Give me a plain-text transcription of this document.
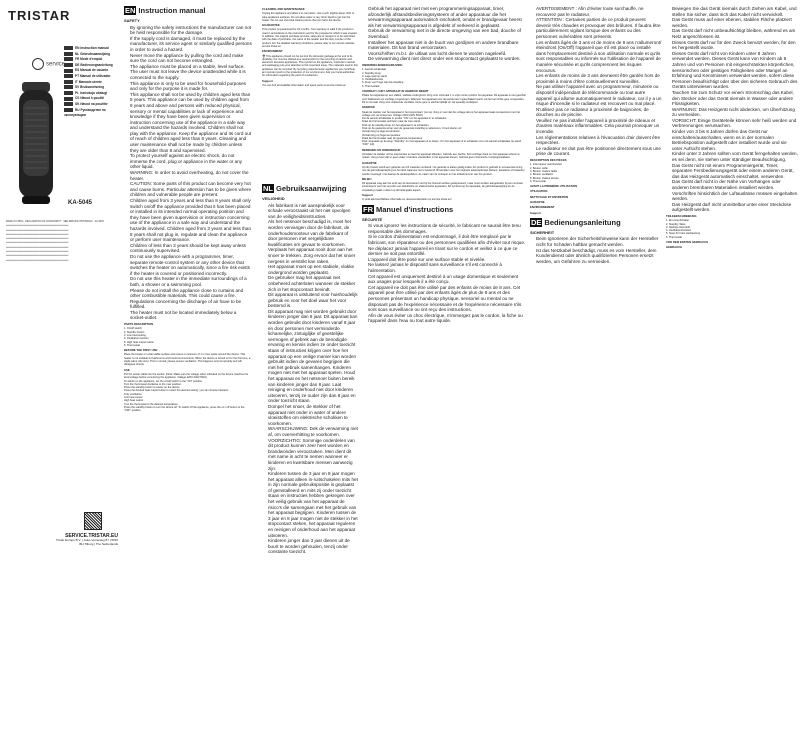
TRISTAR
EN Instruction manual
NL Gebruiksaanwijzing
FR Mode d'emploi
DE Bedienungsanleitung
ES Manual de usuario
PT Manual de utilizador
IT Manuale utente
SV Bruksanvisning
PL Instrukcja obsługi
CS Návod k použití
SK Návod na použitie
RU Руководство по эксплуатации
service
KA-5045

MADE IN CHINA · DECLARATION OF CONFORMITY · SEE SERVICE.TRISTAR.EU · KA-5045

━━━━━━━━━━━━━━━━━━━━━━━━━━━━━━━━━━━━━━━━━━━━━

━━━━━━━━━━━━━━━━━━━━━━━━━━━━━━━━━━━━━━━━━━━━━

━━━━━━━━━━━━━━━━━━━━━━━━━━━━━━━━━━━━━━━━━━━━━

━━━━━━━━━━━━━━━━━━━━━━━━━━━━━━━━━━━━━━━━━━━━━

━━━━━━━━━━━━━━━━━━━━━━━━━━━━━━━━━━━━━━━━━━━━━

━━━━━━━━━━━━━━━━━━━━━━━━━━━━━━━━━━━━━━━━━━━━━

━━━━━━━━━━━━━━━━━━━━━━━━━━━━━━━━━━━━━━━━━━━━━

━━━━━━━━━━━━━━━━━━━━━━━━━━━━━━━━━━━━━━━━━━━━━

━━━━━━━━━━━━━━━━━━━━━━━━━━━━━━━━━━━━━━━━━━━━━

SERVICE.TRISTAR.EU
Tristar Europe B.V. | Jules Verneweg 87 | 5015 BH Tilburg | The Netherlands
EN Instruction manual
SAFETY
• By ignoring the safety instructions the manufacturer can not be held responsible for the damage.
• If the supply cord is damaged, it must be replaced by the manufacturer, its service agent or similarly qualified persons in order to avoid a hazard.
• Never move the appliance by pulling the cord and make sure the cord can not become entangled.
• The appliance must be placed on a stable, level surface.
• The user must not leave the device unattended while it is connected to the supply.
• This appliance is only to be used for household purposes and only for the purpose it is made for.
• This appliance shall not be used by children aged less than 8 years. This appliance can be used by children aged from 8 years and above and persons with reduced physical, sensory or mental capabilities or lack of experience and knowledge if they have been given supervision or instruction concerning use of the appliance in a safe way and understand the hazards involved. Children shall not play with the appliance. Keep the appliance and its cord out of reach of children aged less than 8 years. Cleaning and user maintenance shall not be made by children unless they are older than 8 and supervised.
• To protect yourself against an electric shock, do not immerse the cord, plug or appliance in the water or any other liquid.
• WARNING: In order to avoid overheating, do not cover the heater.
• CAUTION: Some parts of this product can become very hot and cause burns. Particular attention has to be given where children and vulnerable people are present.
• Children aged from 3 years and less than 8 years shall only switch on/off the appliance provided that it has been placed or installed in its intended normal operating position and they have been given supervision or instruction concerning use of the appliance in a safe way and understand the hazards involved. Children aged from 3 years and less than 8 years shall not plug in, regulate and clean the appliance or perform user maintenance.
• Children of less than 3 years should be kept away unless continuously supervised.
• Do not use the appliance with a programmer, timer, separate remote-control system or any other device that switches the heater on automatically, since a fire risk exists if the heater is covered or positioned incorrectly.
• Do not use this heater in the immediate surroundings of a bath, a shower or a swimming pool.
• Please do not install the appliance close to curtains and other combustible materials. This could cause a fire.
• Regulations concerning the discharge of air have to be fulfilled.
• The heater must not be located immediately below a socket-outlet.
PARTS DESCRIPTION
1. On/off switch
2. Standby button
3. Low heat setting
4. Oscillation function
5. High heat output button
6. Thermostat
BEFORE THE FIRST USE

Place the heater on a flat stable surface and ensure a minimum of 1 m free space around the device. This heater is not suitable for bathrooms and humid environments. When the device is turned on for the first time, a slight odour will occur. This is normal; please ensure ventilation. This happens only temporarily and will disappear shortly.

USE
Put the power cable into the socket. (Note: Make sure the voltage when indicated on the device matches the local voltage before connecting the appliance. Voltage 220V-240V 50Hz)
To switch on the appliance, set the on/off switch to the "ON" position.
Turn the thermostat clockwise to the max position.
Press the standby button to power on the device.
Press the desired heat output button to select the desired setting: you can choose between:
Only ventilation
Low heat output
High heat output
Turn the thermostat to the desired temperature.
Press the standby button to turn the device off. To switch off the appliance, press the on / off button to the "OFF" position.
CLEANING AND MAINTENANCE

Unplug the appliance and allow it to cool down. Use a soft, slightly damp cloth to wipe appliance surfaces. Do not allow water or any other liquid to get into the heater. Do not use chemical cleaning items that can harm the device.

GUARANTEE

This product is guaranteed for 24 months. Your warranty is valid if the product is used in accordance to the instructions and for the purpose for which it was created. In addition, the original purchase (invoice, sales slip or receipt) is to be submitted with the date of purchase, the name of the retailer and the item number of the product. For the detailed warranty conditions, please refer to our service website: service.tristar.eu

ENVIRONMENT

🗑 This appliance should not be put into the domestic garbage at the end of its durability, but must be offered at a central point for the recycling of electric and electronic domestic appliances. This symbol on the appliance, instruction manual and packaging puts your attention to this important issue. The materials used in this appliance can be recycled. By recycling used domestic appliances you contribute an important push to the protection of our environment. Ask your local authorities for information regarding the point of recollection.

Support

You can find all available information and spare parts at service.tristar.eu!

NL Gebruiksaanwijzing
VEILIGHEID
• Als fabrikant is niet aansprakelijk voor schade veroorzaakt uit het niet opvolgen van de veiligheidsinstructies.
• Als het netsnoer beschadigd is, moet het worden vervangen door de fabrikant, de onderhoudsmonteur van de fabrikant of door personen met vergelijkbare kwalificaties om gevaar te voorkomen.
• Verplaats het apparaat nooit door aan het snoer te trekken. Zorg ervoor dat het snoer nergens in verstrikt kan raken.
• Het apparaat moet op een stabiele, vlakke ondergrond worden geplaatst.
• De gebruiker mag het apparaat niet onbeheerd achterlaten wanneer de stekker zich in het stopcontact bevindt.
• Dit apparaat is uitsluitend voor huishoudelijk gebruik en voor het doel waar het voor bestemd is.
• Dit apparaat mag niet worden gebruikt door kinderen jonger dan 8 jaar. Dit apparaat kan worden gebruikt door kinderen vanaf 8 jaar en door personen met verminderde lichamelijke, zintuiglijke of geestelijke vermogen of gebrek aan de benodigde ervaring en kennis indien ze onder toezicht staan of instructies krijgen over hoe het apparaat op een veilige manier kan worden gebruikt indien de gevaren begrijpen die met het gebruik samenhangen. Kinderen mogen niet met het apparaat spelen. Houd het apparaat en het netsnoer buiten bereik van kinderen jonger dan 8 jaar. Laat reiniging en onderhoud niet door kinderen uitvoeren, tenzij ze ouder zijn dan 8 jaar en onder toezicht staan.
• Dompel het snoer, de stekker of het apparaat niet onder in water of andere vloeistoffen om elektrische schokken te voorkomen.
• WAARSCHUWING: Dek de verwarming niet af, om oververhitting te voorkomen.
• VOORZICHTIG: Sommige onderdelen van dit product kunnen zeer heet worden en brandwonden veroorzaken. Men dient dit met name in acht te nemen wanneer er kinderen en kwetsbare mensen aanwezig zijn.
• Kinderen tussen de 3 jaar en 8 jaar mogen het apparaat alleen in-/uitschakelen mits het in zijn normale gebruikspositie is geplaatst of geïnstalleerd en mits zij onder toezicht staan en instructies hebben gekregen over het veilig gebruik van het apparaat de risico's die samengaan met het gebruik van het apparaat begrijpen. Kinderen tussen de 3 jaar en 8 jaar mogen niet de stekker in het stopcontact steken, het apparaat reguleren en reinigen of onderhoud aan het apparaat uitvoeren.
• Kinderen jonger dan 3 jaar dienen uit de buurt te worden gehouden, tenzij onder constante toezicht.
• Gebruik het apparaat niet met een programmeringsapparaat, timer, afzonderlijk afstandsbedieningssysteem of ander apparatuur die het verwarmingsapparaat automatisch inschakelt, omdat er brandgevaar heerst als het verwarmingsapparaat is afgedekt of verkeerd is geplaatst.
• Gebruik de verwarming niet in de directe omgeving van een bad, douche of zwembad.
• Installeer het apparaat niet in de buurt van gordijnen en andere brandbare materialen. Dit kan brand veroorzaken.
• Voorschriften m.b.t. de uitlaat van lucht dienen te worden nageleefd.
• De verwarming dient niet direct onder een stopcontact geplaatst te worden.
ONDERDELENBESCHRIJVING
1. Aan/uit-schakelaar
2. Standby-knop
3. Lage warmte stand
4. Oscillatiefunctie
5. Knop voor hoge warmte-instelling
6. Thermostaat
VOORDAT U HET APPARAAT IN GEBRUIK NEEMT

Plaats het apparaat op een vlakke, stabiele ondergrond. Zorg voor minimaal 1 m vrije ruimte rondom het apparaat. Dit apparaat is niet geschikt voor badkamers en vochtige omgevingen. Wanneer het apparaat voor de eerste keer ingeschakeld wordt, zal het een lichte geur verspreiden. Dit is normaal. Zorg voor voldoende ventilatie. Deze geur is slechts tijdelijk en zal spoedig verdwijnen.

GEBRUIK
Steek de stekker van het apparaat in het stopcontact. (Let op: Zorg er voor dat het voltage dat op het apparaat staat overeenkomt met het voltage van uw stroomnet. Voltage 220V-240V 50Hz)
Zet de aan/uit-schakelaar in positie "ON" om het apparaat in te schakelen.
Draai de thermostaat rechtsom naar de max-stand.
Druk op de standby-knop om het apparaat in te schakelen.
Druk op de gewenste knop voor de gewenste instelling te selecteren. U kunt kiezen uit:
Verwarming op lage temperatuur
Verwarming op hoge temperatuur
Draai de thermostaat naar de gewenste temperatuur.
Druk nogmaals op de knop "Standby" om het apparaat uit te zetten. Om het apparaat uit te schakelen zet u de aan/uit-schakelaar op stand "OFF" (uit).
REINIGING EN ONDERHOUD

Verwijder de stekker uit het stopcontact en laat het apparaat afkoelen. Gebruik een zachte, licht vochtige doek om het apparaat schoon te maken. Zorg ervoor dat er geen water of andere vloeistoffen in het apparaat komen. Gebruik geen chemische reinigingsmiddelen.

GARANTIE

Op dit product wordt een garantie van 24 maanden verleend. Uw garantie is alleen geldig indien het product is gebruikt in overeenstemming met de gebruiksaanwijzing en het doel waarvoor het is bestemd. Bovendien moet het originele aankoopbewijs (factuur, kassabon of kwitantie) worden overlegd, met daarop de aankoopdatum, de naam van de verkoper en het artikelnummer van het product.

MILIEU

Dit apparaat mag aan het eind van de levensduur niet bij het huisvuil worden gedeponeerd, maar moet worden aangeboden bij een centraal inzamelpunt voor het recyclen van elektrische en elektronische apparaten. Dit symbool op het apparaat, de gebruiksaanwijzing en de verpakking maakt u attent op dit belangrijke aspect.

Support

U vindt alle beschikbare informatie en reserveonderdelen op service.tristar.eu!

FR Manuel d'instructions
SÉCURITÉ
• Si vous ignorez les instructions de sécurité, le fabricant ne saurait être tenu responsable des dommages.
• Si le cordon d'alimentation est endommagé, il doit être remplacé par le fabricant, son réparateur ou des personnes qualifiées afin d'éviter tout risque.
• Ne déplacez jamais l'appareil en tirant sur le cordon et veillez à ce que ce dernier ne soit pas entortillé.
• L'appareil doit être posé sur une surface stable et nivelée.
• Ne laissez jamais le dispositif sans surveillance s'il est connecté à l'alimentation.
• Cet appareil est uniquement destiné à un usage domestique et seulement aux usages pour lesquels il a été conçu.
• Cet appareil ne doit pas être utilisé par des enfants de moins de 8 ans. Cet appareil peut être utilisé par des enfants âgés de plus de 8 ans et des personnes présentant un handicap physique, sensoriel ou mental ou ne disposant pas de l'expérience nécessaire et de l'expérience nécessaire s'ils sont sous surveillance ou ont reçu des instructions.
• Afin de vous éviter un choc électrique, n'immergez pas le cordon, la fiche ou l'appareil dans l'eau ou tout autre liquide.
• AVERTISSEMENT : Afin d'éviter toute surchauffe, ne recouvrez pas le radiateur.
• ATTENTION : Certaines parties de ce produit peuvent devenir très chaudes et provoquer des brûlures. Il faudra être particulièrement vigilant lorsque des enfants ou des personnes vulnérables sont présents.
• Les enfants âgés de 3 ans et de moins de 8 ans n'allumeront/éteindront (On/Off) l'appareil que s'il est placé ou installé dans l'emplacement destiné à son utilisation normale et qu'ils sont responsables ou informés sur l'utilisation de l'appareil de manière sécurisée et qu'ils comprennent les risques encourus.
• Les enfants de moins de 3 ans devraient être gardés hors de proximité à moins d'être continuellement surveillés.
• Ne pas utiliser l'appareil avec un programmeur, minuterie ou dispositif indépendant de télécommande ou tout autre appareil qui allume automatiquement le radiateur, car il y a un risque d'incendie si le radiateur est recouvert ou mal placé.
• N'utilisez pas ce radiateur à proximité de baignoires, de douches ou de piscine.
• Veuillez ne pas installer l'appareil à proximité de rideaux et d'autres matériaux inflammables. Cela pourrait provoquer un incendie.
• Les réglementations relatives à l'évacuation d'air doivent être respectées.
• Le radiateur ne doit pas être positionné directement sous une prise de courant.
DESCRIPTION DES PIÈCES
1. Interrupteur marche/arrêt
2. Bouton veille
3. Bouton chaleur faible
4. Bouton oscillation
5. Bouton chaleur élevée
6. Thermostat
AVANT LA PREMIÈRE UTILISATION
UTILISATION
NETTOYAGE ET ENTRETIEN
GARANTIE
ENVIRONNEMENT
Support
DE Bedienungsanleitung
SICHERHEIT
• Beim Ignorieren der Sicherheitshinweise kann der Hersteller nicht für Schäden haftbar gemacht werden.
• Ist das Netzkabel beschädigt, muss es vom Hersteller, dem Kundendienst oder ähnlich qualifizierten Personen ersetzt werden, um Gefahren zu vermeiden.
• Bewegen Sie das Gerät niemals durch Ziehen am Kabel, und stellen Sie sicher, dass sich das Kabel nicht verwickelt.
• Das Gerät muss auf einer ebenen, stabilen Fläche platziert werden.
• Das Gerät darf nicht unbeaufsichtigt bleiben, während es am Netz angeschlossen ist.
• Dieses Gerät darf nur für den Zweck benutzt werden, für den es hergestellt wurde.
• Dieses Gerät darf nicht von Kindern unter 8 Jahren verwendet werden. Dieses Gerät kann von Kindern ab 8 Jahren und von Personen mit eingeschränkten körperlichen, sensorischen oder geistigen Fähigkeiten oder Mangel an Erfahrung und Kenntnissen verwendet werden, sofern diese Personen beaufsichtigt oder über den sicheren Gebrauch des Geräts unterwiesen wurden.
• Tauchen Sie zum Schutz vor einem Stromschlag das Kabel, den Stecker oder das Gerät niemals in Wasser oder andere Flüssigkeiten.
• WARNUNG: Das Heizgerät nicht abdecken, um Überhitzung zu vermeiden.
• VORSICHT: Einige Geräteteile können sehr heiß werden und Verbrennungen verursachen.
• Kinder von 3 bis 8 Jahren dürfen das Gerät nur einschalten/ausschalten, wenn es in der normalen Betriebsposition aufgestellt oder installiert wurde und sie unter Aufsicht stehen.
• Kinder unter 3 Jahren sollten vom Gerät ferngehalten werden, es sei denn, sie stehen unter ständiger Beaufsichtigung.
• Das Gerät nicht mit einem Programmiergerät, Timer, separaten Fernbedienungsgerät oder einem anderen Gerät, das das Heizgerät automatisch einschaltet, verwenden.
• Das Gerät darf nicht in der Nähe von Vorhängen oder anderen brennbaren Materialien installiert werden.
• Vorschriften hinsichtlich der Luftauslässe müssen eingehalten werden.
• Das Heizgerät darf nicht unmittelbar unter einer Steckdose aufgestellt werden.
TEILEBESCHREIBUNG
1. Ein-/Aus-Schalter
2. Standby-Taste
3. Niedrige Heizstufe
4. Oszillationsfunktion
5. Taste für hohe Heizleistung
6. Thermostat
VOR DEM ERSTEN GEBRAUCH
GEBRAUCH
